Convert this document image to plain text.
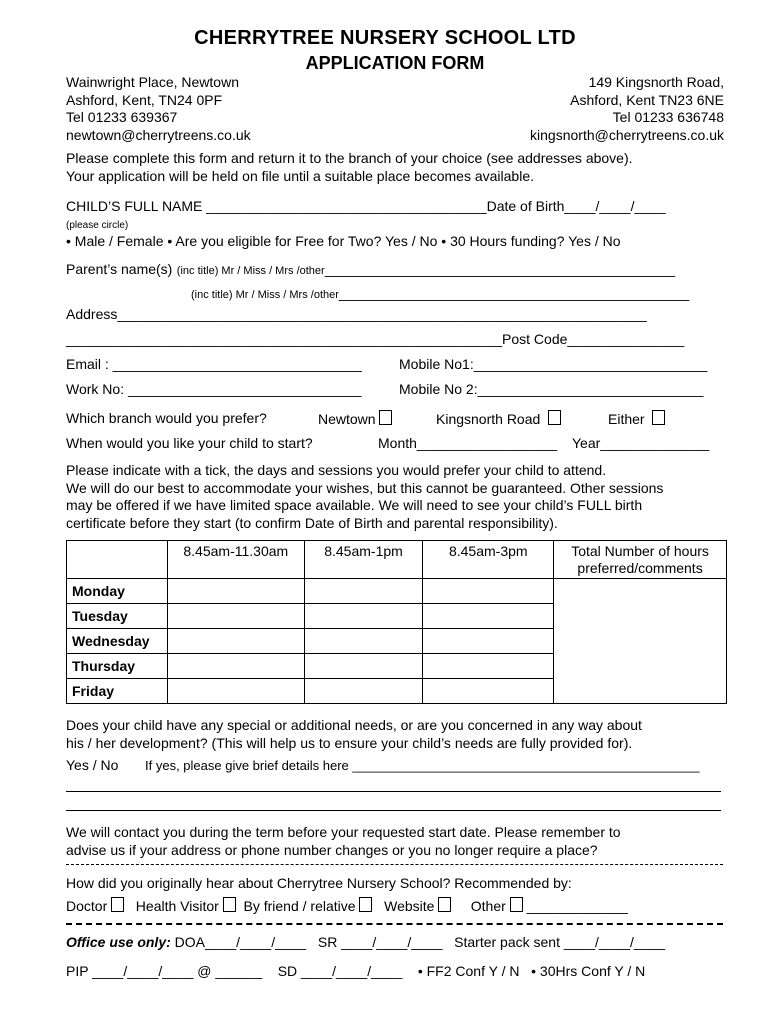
CHERRYTREE NURSERY SCHOOL LTD
APPLICATION FORM
Wainwright Place, Newtown
Ashford, Kent, TN24 0PF
Tel 01233 639367
newtown@cherrytreens.co.uk
149 Kingsnorth Road,
Ashford, Kent TN23 6NE
Tel 01233 636748
kingsnorth@cherrytreens.co.uk
Please complete this form and return it to the branch of your choice (see addresses above).
Your application will be held on file until a suitable place becomes available.
CHILD’S FULL NAME ____________________________________Date of Birth____/____/____
(please circle)
• Male / Female • Are you eligible for Free for Two? Yes / No • 30 Hours funding? Yes / No
Parent’s name(s) (inc title) Mr / Miss / Mrs /other_____________________________________________
(inc title) Mr / Miss / Mrs /other_____________________________________________
Address____________________________________________________________________
________________________________________________________Post Code_______________
Email : ________________________________	Mobile No1:______________________________
Work No: ______________________________	Mobile No 2:_____________________________
Which branch would you prefer?	Newtown	Kingsnorth Road	Either
When would you like your child to start?	Month__________________ Year______________
Please indicate with a tick, the days and sessions you would prefer your child to attend.
We will do our best to accommodate your wishes, but this cannot be guaranteed. Other sessions
may be offered if we have limited space available. We will need to see your child’s FULL birth
certificate before they start (to confirm Date of Birth and parental responsibility).
	8.45am-11.30am	8.45am-1pm	8.45am-3pm	Total Number of hours
preferred/comments

Monday				
Tuesday				
Wednesday				
Thursday				
Friday				
Does your child have any special or additional needs, or are you concerned in any way about
his / her development? (This will help us to ensure your child’s needs are fully provided for).
Yes / No If yes, please give brief details here ________________________________________________
We will contact you during the term before your requested start date. Please remember to
advise us if your address or phone number changes or you no longer require a place?
How did you originally hear about Cherrytree Nursery School? Recommended by:
Doctor Health Visitor By friend / relative Website	Other _____________
Office use only: DOA____/____/____ SR ____/____/____ Starter pack sent ____/____/____
PIP ____/____/____ @ ______ SD ____/____/____ • FF2 Conf Y / N • 30Hrs Conf Y / N
